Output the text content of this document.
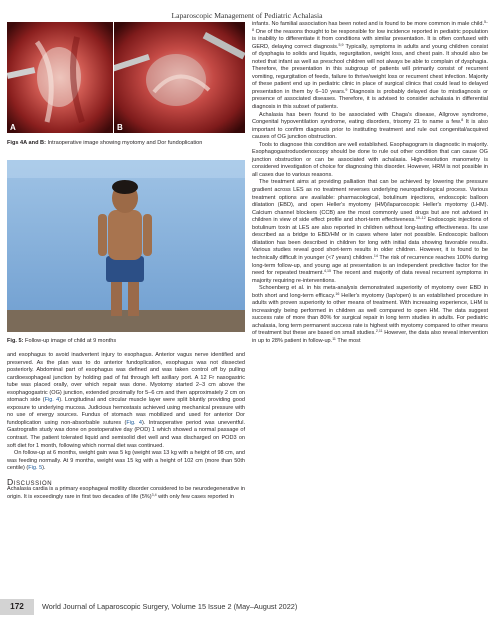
Laparoscopic Management of Pediatric Achalasia
A	B
Figs 4A and B: Intraoperative image showing myotomy and Dor fundoplication
Fig. 5: Follow-up image of child at 9 months

and esophagus to avoid inadvertent injury to esophagus. Anterior vagus nerve identified and preserved. As the plan was to do anterior fundoplication, esophagus was not dissected posteriorly. Abdominal part of esophagus was defined and was taken control off by pulling cardioesophageal junction by holding pad of fat through left axillary port. A 12 Fr nasogastric tube was placed orally, over which repair was done. Myotomy started 2–3 cm above the esophagogastric (OG) junction, extended proximally for 5–6 cm and then approximately 2 cm on stomach side (Fig. 4). Longitudinal and circular muscle layer were split bluntly providing good exposure to underlying mucosa. Judicious hemostasis achieved using mechanical pressure with no use of energy sources. Fundus of stomach was mobilized and used for anterior Dor fundoplication using non-absorbable sutures (Fig. 4). Intraoperative period was uneventful. Gastrografin study was done on postoperative day (POD) 1 which showed a normal passage of contrast. The patient tolerated liquid and semisolid diet well and was discharged on POD3 on soft diet for 1 month, following which normal diet was continued.

On follow-up at 6 months, weight gain was 5 kg (weight was 13 kg with a height of 98 cm, and was feeding normally. At 9 months, weight was 15 kg with a height of 102 cm (more than 50th centile) (Fig. 5).

Discussion

Achalasia cardia is a primary esophageal motility disorder considered to be neurodegenerative in origin. It is exceedingly rare in first two decades of life $(5\%)^{3,4}$ with only few cases reported in

infants. No familial association has been noted and is found to be more common in male child.$^{5-8}$ One of the reasons thought to be responsible for low incidence reported in pediatric population is inability to differentiate it from conditions with similar presentation. It is often confused with GERD, delaying correct diagnosis.$^{5,9}$ Typically, symptoms in adults and young children consist of dysphagia to solids and liquids, regurgitation, weight loss, and chest pain. It should also be noted that infant as well as preschool children will not always be able to complain of dysphagia. Therefore, the presentation in this subgroup of patients will primarily consist of recurrent vomiting, regurgitation of feeds, failure to thrive/weight loss or recurrent chest infection. Majority of these patient end up in pediatric clinic in place of surgical clinics that could lead to delayed presentation in them by 6–10 years.$^9$ Diagnosis is probably delayed due to misdiagnosis or presence of associated diseases. Therefore, it is advised to consider achalasia in differential diagnosis in this subset of patients.

Achalasia has been found to be associated with Chaga's disease, Allgrove syndrome, Congenital hypoventilation syndrome, eating disorders, trisomy 21 to name a few.$^8$ It is also important to confirm diagnosis prior to instituting treatment and rule out congenital/acquired causes of OG junction obstruction.

Tools to diagnose this condition are well established. Esophagogram is diagnostic in majority. Esophagogastroduodenoscopy should be done to rule out other condition that can cause OG junction obstruction or can be associated with achalasia. High-resolution manometry is considered investigation of choice for diagnosing this disorder. However, HRM is not possible in all cases due to various reasons.

The treatment aims at providing palliation that can be achieved by lowering the pressure gradient across LES as no treatment reverses underlying neuropathological process. Various treatment options are available: pharmacological, botulinum injections, endoscopic balloon dilatation (EBD), and open Heller's myotomy (HM)/laparoscopic Heller's myotomy (LHM). Calcium channel blockers (CCB) are the most commonly used drugs but are not advised in children in view of side effect profile and short-term effectiveness.$^{10-12}$ Endoscopic injections of botulinum toxin at LES are also reported in children without long-lasting effectiveness. Its use described as a bridge to EBD/HM or in cases where later not possible. Endoscopic balloon dilatation has been described in children for long with initial data showing favorable results. Various studies reveal good short-term results in older children. However, it is found to be technically difficult in younger (<7 years) children.$^{14}$ The risk of recurrence reaches 100% during long-term follow-up, and young age at presentation is an independent predictive factor for the need for repeated treatment.$^{4,15}$ The recent and majority of data reveal recurrent symptoms in majority requiring re-interventions.

Schoenberg et al. in his meta-analysis demonstrated superiority of myotomy over EBD in both short and long-term efficacy.$^{16}$ Heller's myotomy (lap/open) is an established procedure in adults with proven superiority to other means of treatment. With increasing experience, LHM is increasingly being performed in children as well compared to open HM. The data suggest success rate of more than 80% for surgical repair in long term studies in adults. For pediatric achalasia, long term permanent success rate is highest with myotomy compared to other means of treatment but these are based on small studies.$^{2,11}$ However, the data also reveal intervention in up to 28% patient in follow-up.$^{11}$ The most

172	World Journal of Laparoscopic Surgery, Volume 15 Issue 2 (May–August 2022)
